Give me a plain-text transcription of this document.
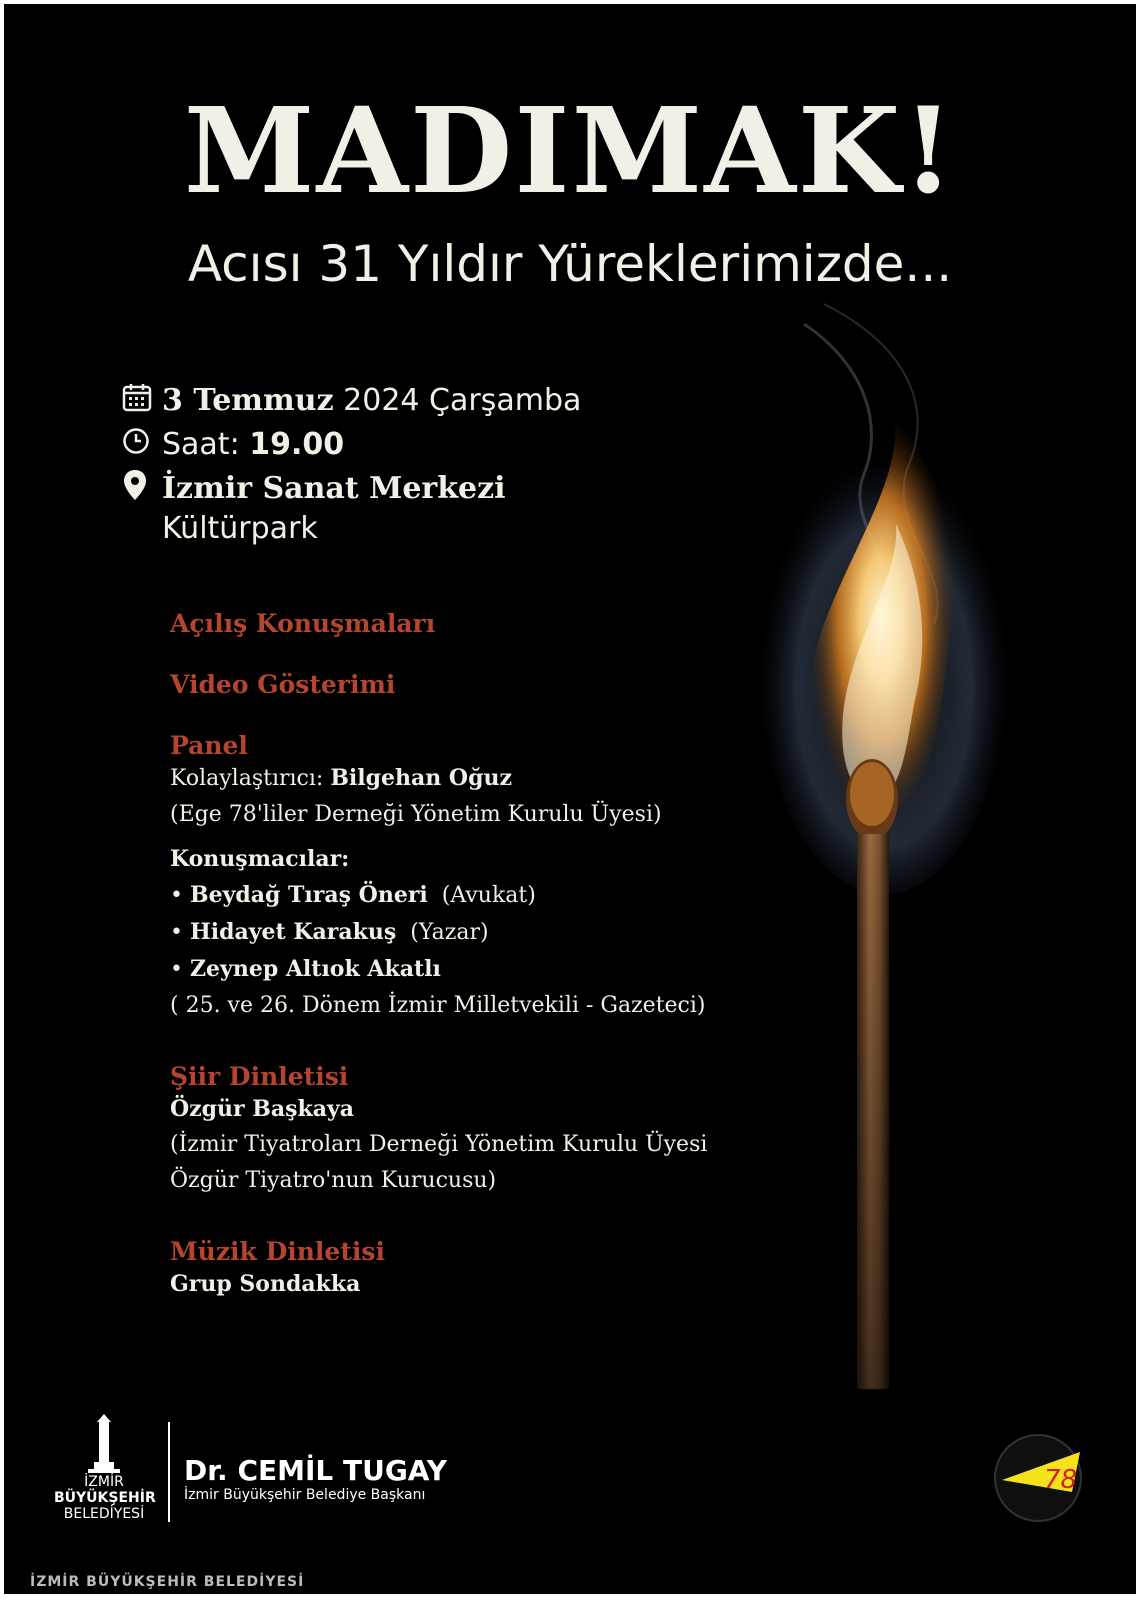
MADIMAK!

Acısı 31 Yıldır Yüreklerimizde...

3 Temmuz 2024 Çarşamba
Saat: 19.00
İzmir Sanat Merkezi
Kültürpark

Açılış Konuşmaları

Video Gösterimi

Panel

Kolaylaştırıcı: Bilgehan Oğuz

(Ege 78'liler Derneği Yönetim Kurulu Üyesi)

Konuşmacılar:

• Beydağ Tıraş Öneri (Avukat)

• Hidayet Karakuş (Yazar)

• Zeynep Altıok Akatlı

( 25. ve 26. Dönem İzmir Milletvekili - Gazeteci)

Şiir Dinletisi

Özgür Başkaya

(İzmir Tiyatroları Derneği Yönetim Kurulu Üyesi

Özgür Tiyatro'nun Kurucusu)

Müzik Dinletisi

Grup Sondakka

İZMİR
BÜYÜKŞEHİR
BELEDİYESİ

Dr. CEMİL TUGAY

İzmir Büyükşehir Belediye Başkanı	78
İZMİR BÜYÜKŞEHİR BELEDİYESİ
